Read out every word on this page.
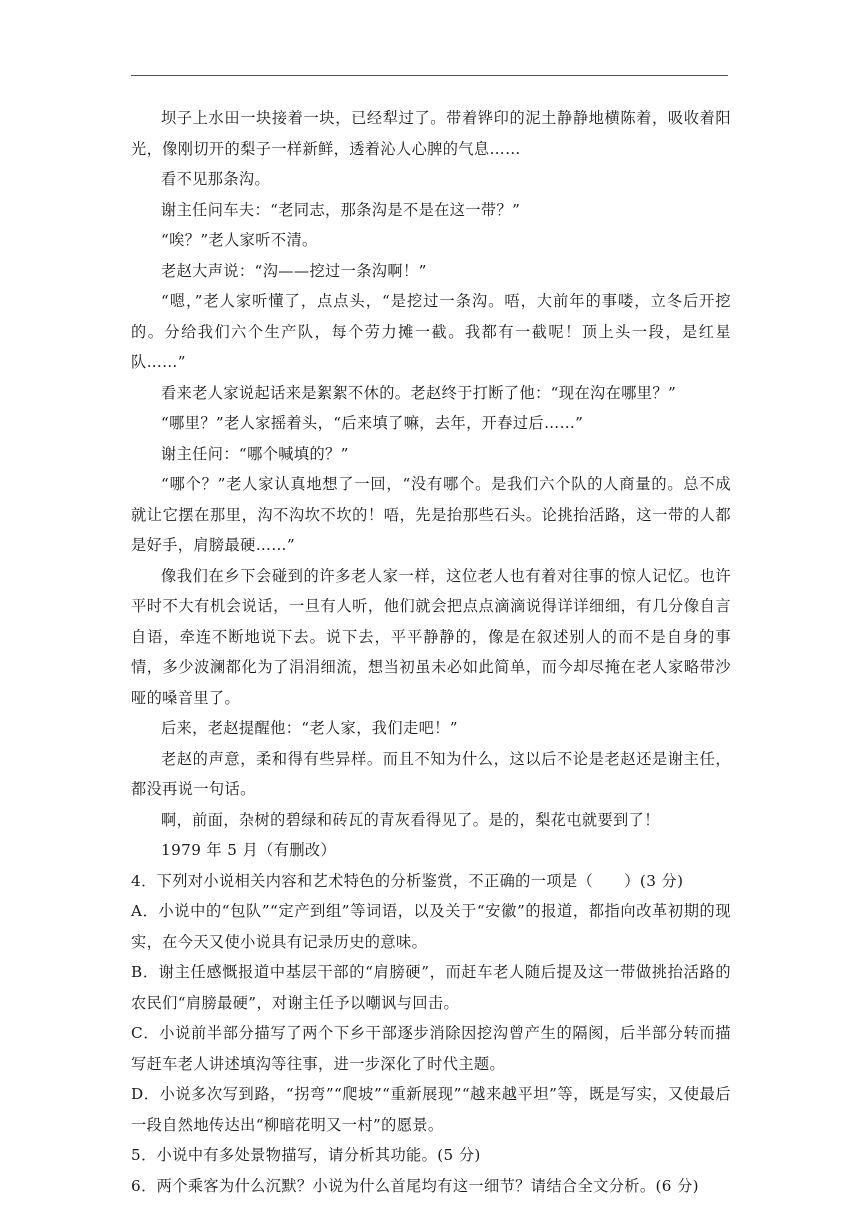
坝子上水田一块接着一块，已经犁过了。带着铧印的泥土静静地横陈着，吸收着阳光，像刚切开的梨子一样新鲜，透着沁人心脾的气息……

看不见那条沟。

谢主任问车夫：“老同志，那条沟是不是在这一带？”

“唉？”老人家听不清。

老赵大声说：“沟——挖过一条沟啊！”

“嗯，”老人家听懂了，点点头，“是挖过一条沟。唔，大前年的事喽，立冬后开挖的。分给我们六个生产队，每个劳力摊一截。我都有一截呢！顶上头一段，是红星队……”

看来老人家说起话来是絮絮不休的。老赵终于打断了他：“现在沟在哪里？”

“哪里？”老人家摇着头，“后来填了嘛，去年，开春过后……”

谢主任问：“哪个喊填的？”

“哪个？”老人家认真地想了一回，“没有哪个。是我们六个队的人商量的。总不成就让它摆在那里，沟不沟坎不坎的！唔，先是抬那些石头。论挑抬活路，这一带的人都是好手，肩膀最硬……”

像我们在乡下会碰到的许多老人家一样，这位老人也有着对往事的惊人记忆。也许平时不大有机会说话，一旦有人听，他们就会把点点滴滴说得详详细细，有几分像自言自语，牵连不断地说下去。说下去，平平静静的，像是在叙述别人的而不是自身的事情，多少波澜都化为了涓涓细流，想当初虽未必如此简单，而今却尽掩在老人家略带沙哑的嗓音里了。

后来，老赵提醒他：“老人家，我们走吧！”

老赵的声意，柔和得有些异样。而且不知为什么，这以后不论是老赵还是谢主任，都没再说一句话。

啊，前面，杂树的碧绿和砖瓦的青灰看得见了。是的，梨花屯就要到了！

1979 年 5 月（有删改）

4．下列对小说相关内容和艺术特色的分析鉴赏，不正确的一项是（　　）(3 分)

A．小说中的“包队”“定产到组”等词语，以及关于“安徽”的报道，都指向改革初期的现实，在今天又使小说具有记录历史的意味。

B．谢主任感慨报道中基层干部的“肩膀硬”，而赶车老人随后提及这一带做挑抬活路的农民们“肩膀最硬”，对谢主任予以嘲讽与回击。

C．小说前半部分描写了两个下乡干部逐步消除因挖沟曾产生的隔阂，后半部分转而描写赶车老人讲述填沟等往事，进一步深化了时代主题。

D．小说多次写到路，“拐弯”“爬坡”“重新展现”“越来越平坦”等，既是写实，又使最后一段自然地传达出“柳暗花明又一村”的愿景。

5．小说中有多处景物描写，请分析其功能。(5 分)

6．两个乘客为什么沉默？小说为什么首尾均有这一细节？请结合全文分析。(6 分)
